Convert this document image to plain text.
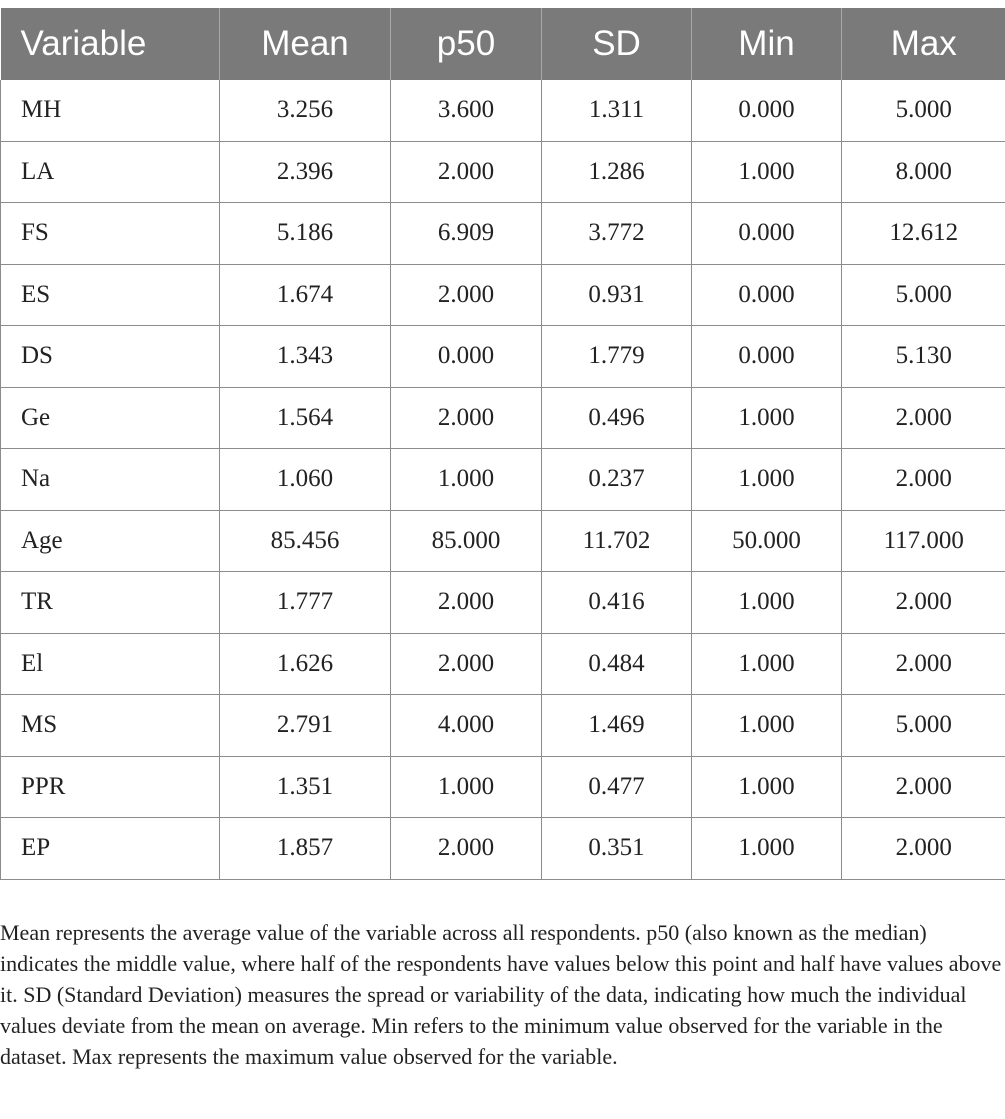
Variable	Mean	p50	SD	Min	Max
MH	3.256	3.600	1.311	0.000	5.000
LA	2.396	2.000	1.286	1.000	8.000
FS	5.186	6.909	3.772	0.000	12.612
ES	1.674	2.000	0.931	0.000	5.000
DS	1.343	0.000	1.779	0.000	5.130
Ge	1.564	2.000	0.496	1.000	2.000
Na	1.060	1.000	0.237	1.000	2.000
Age	85.456	85.000	11.702	50.000	117.000
TR	1.777	2.000	0.416	1.000	2.000
El	1.626	2.000	0.484	1.000	2.000
MS	2.791	4.000	1.469	1.000	5.000
PPR	1.351	1.000	0.477	1.000	2.000
EP	1.857	2.000	0.351	1.000	2.000

Mean represents the average value of the variable across all respondents. p50 (also known as the median) indicates the middle value, where half of the respondents have values below this point and half have values above it. SD (Standard Deviation) measures the spread or variability of the data, indicating how much the individual values deviate from the mean on average. Min refers to the minimum value observed for the variable in the dataset. Max represents the maximum value observed for the variable.
